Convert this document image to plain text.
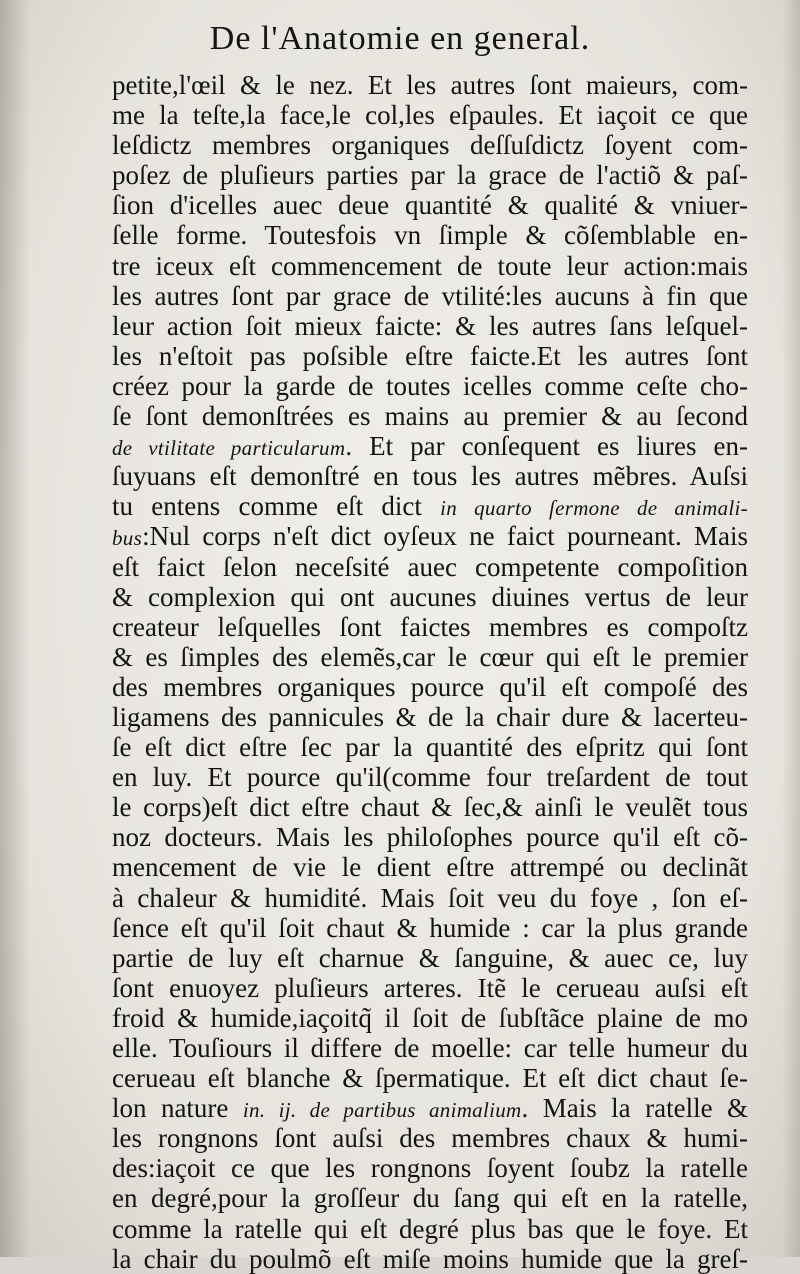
De l'Anatomie en general.
petite,l'œil & le nez. Et les autres ſont maieurs, com-
me la teſte,la face,le col,les eſpaules. Et iaçoit ce que
leſdictz membres organiques deſſuſdictz ſoyent com-
poſez de pluſieurs parties par la grace de l'actiõ & paſ-
ſion d'icelles auec deue quantité & qualité & vniuer-
ſelle forme. Toutesfois vn ſimple & cõſemblable en-
tre iceux eſt commencement de toute leur action:mais
les autres ſont par grace de vtilité:les aucuns à fin que
leur action ſoit mieux faicte: & les autres ſans leſquel-
les n'eſtoit pas poſsible eſtre faicte.Et les autres ſont
créez pour la garde de toutes icelles comme ceſte cho-
ſe ſont demonſtrées es mains au premier & au ſecond
de vtilitate particularum. Et par conſequent es liures en-
ſuyuans eſt demonſtré en tous les autres mẽbres. Auſsi
tu entens comme eſt dict in quarto ſermone de animali-
bus:Nul corps n'eſt dict oyſeux ne faict pourneant. Mais
eſt faict ſelon neceſsité auec competente compoſition
& complexion qui ont aucunes diuines vertus de leur
createur leſquelles ſont faictes membres es compoſtz
& es ſimples des elemẽs,car le cœur qui eſt le premier
des membres organiques pource qu'il eſt compoſé des
ligamens des pannicules & de la chair dure & lacerteu-
ſe eſt dict eſtre ſec par la quantité des eſpritz qui ſont
en luy. Et pource qu'il(comme four treſardent de tout
le corps)eſt dict eſtre chaut & ſec,& ainſi le veulẽt tous
noz docteurs. Mais les philoſophes pource qu'il eſt cõ-
mencement de vie le dient eſtre attrempé ou declinãt
à chaleur & humidité. Mais ſoit veu du foye , ſon eſ-
ſence eſt qu'il ſoit chaut & humide : car la plus grande
partie de luy eſt charnue & ſanguine, & auec ce, luy
ſont enuoyez pluſieurs arteres. Itẽ le cerueau auſsi eſt
froid & humide,iaçoitq̃ il ſoit de ſubſtãce plaine de mo
elle. Touſiours il differe de moelle: car telle humeur du
cerueau eſt blanche & ſpermatique. Et eſt dict chaut ſe-
lon nature in. ij. de partibus animalium. Mais la ratelle &
les rongnons ſont auſsi des membres chaux & humi-
des:iaçoit ce que les rongnons ſoyent ſoubz la ratelle
en degré,pour la groſſeur du ſang qui eſt en la ratelle,
comme la ratelle qui eſt degré plus bas que le foye. Et
la chair du poulmõ eſt miſe moins humide que la greſ-
